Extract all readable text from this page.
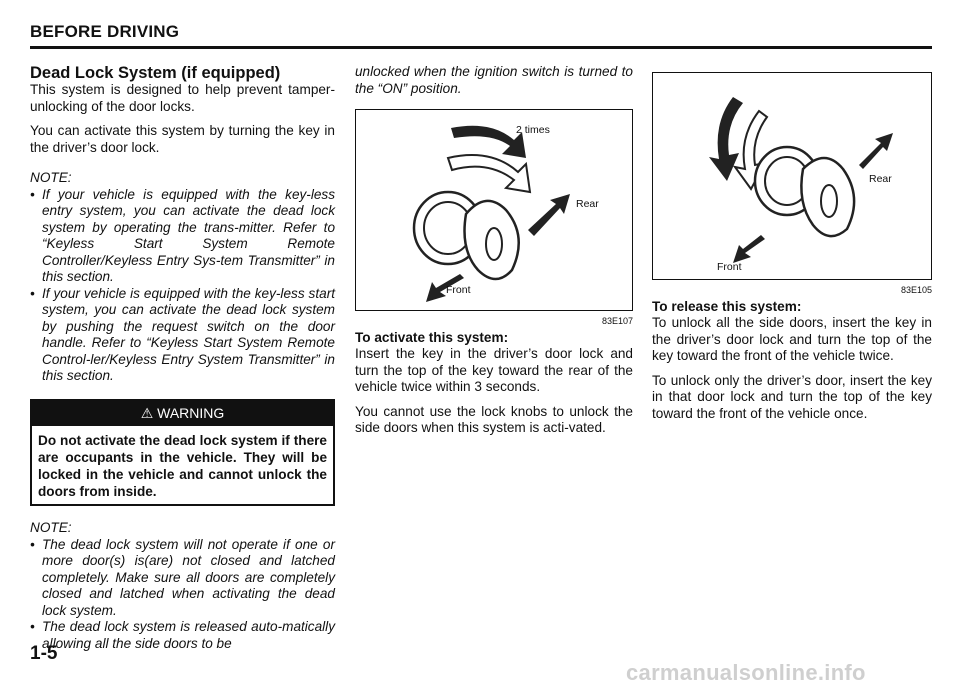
BEFORE DRIVING

Dead Lock System (if equipped)

This system is designed to help prevent tamper-unlocking of the door locks.

You can activate this system by turning the key in the driver’s door lock.

NOTE:

• If your vehicle is equipped with the key-less entry system, you can activate the dead lock system by operating the trans-mitter. Refer to “Keyless Start System Remote Controller/Keyless Entry Sys-tem Transmitter” in this section.
• If your vehicle is equipped with the key-less start system, you can activate the dead lock system by pushing the request switch on the door handle. Refer to “Keyless Start System Remote Control-ler/Keyless Entry System Transmitter” in this section.
⚠ WARNING
Do not activate the dead lock system if there are occupants in the vehicle. They will be locked in the vehicle and cannot unlock the doors from inside.

NOTE:

• The dead lock system will not operate if one or more door(s) is(are) not closed and latched completely. Make sure all doors are completely closed and latched when activating the dead lock system.
• The dead lock system is released auto-matically allowing all the side doors to be

unlocked when the ignition switch is turned to the “ON” position.

2 times
Rear
Front
83E107

To activate this system:

Insert the key in the driver’s door lock and turn the top of the key toward the rear of the vehicle twice within 3 seconds.

You cannot use the lock knobs to unlock the side doors when this system is acti-vated.

Rear
Front
83E105

To release this system:

To unlock all the side doors, insert the key in the driver’s door lock and turn the top of the key toward the front of the vehicle twice.

To unlock only the driver’s door, insert the key in that door lock and turn the top of the key toward the front of the vehicle once.

1-5
carmanualsonline.info
